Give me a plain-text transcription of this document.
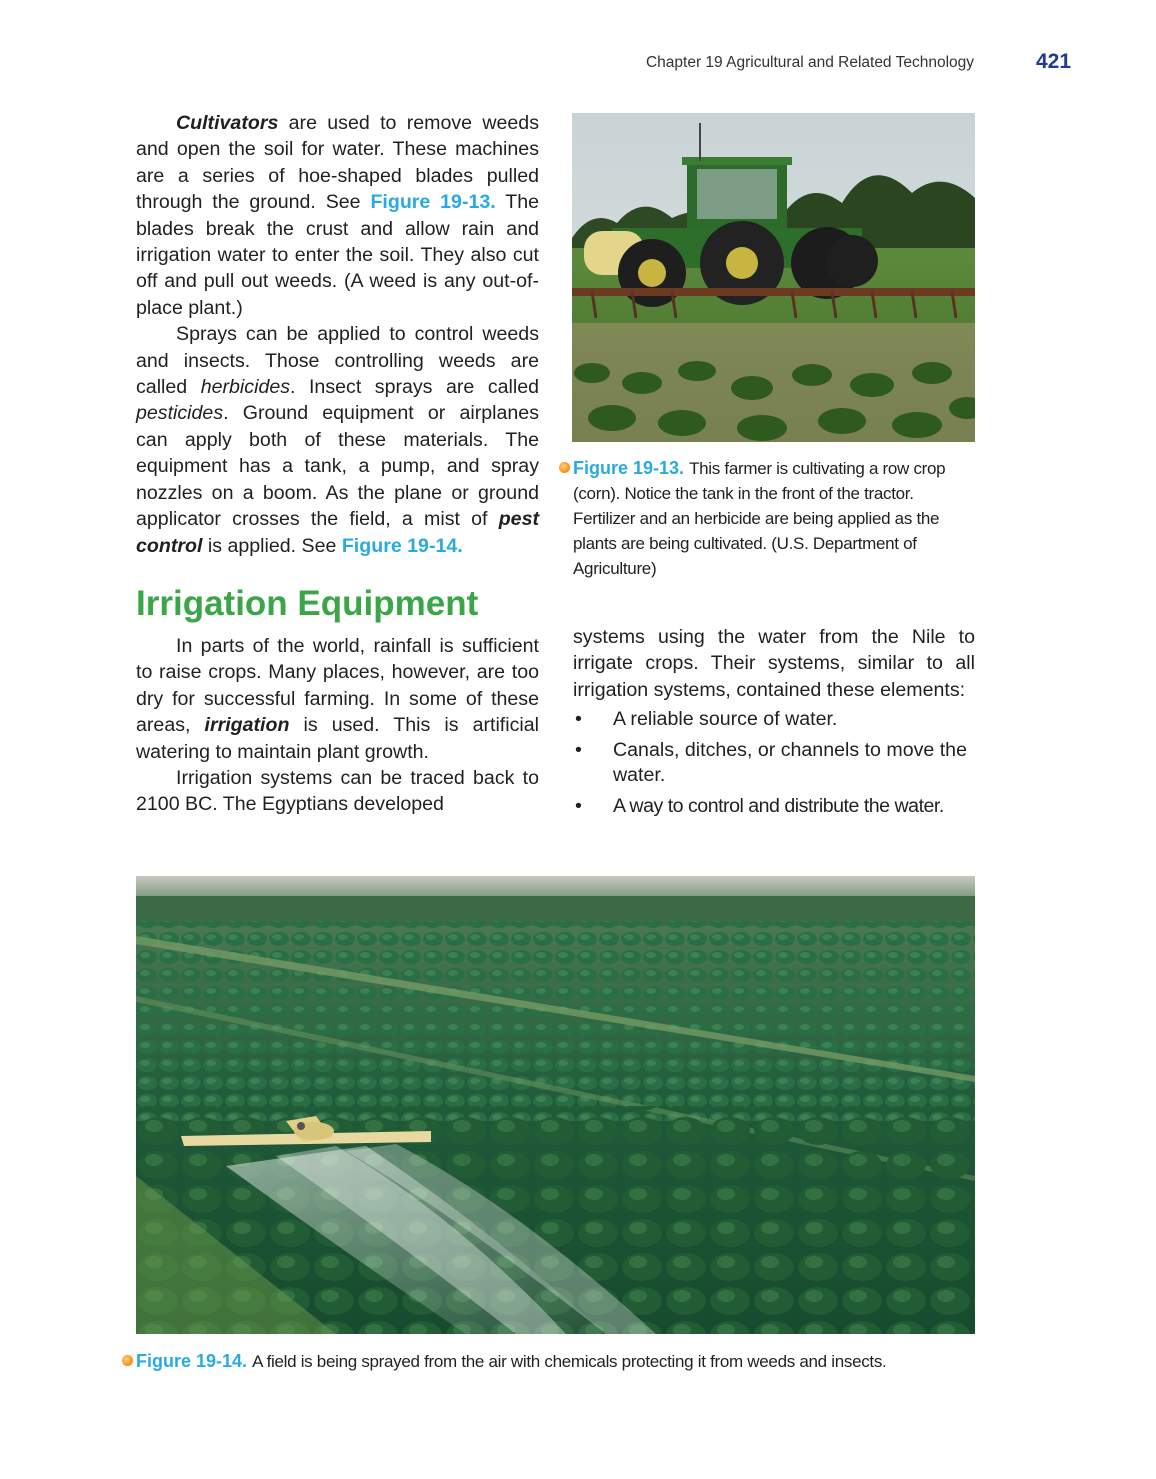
Chapter 19 Agricultural and Related Technology	421

Cultivators are used to remove weeds and open the soil for water. These machines are a series of hoe-shaped blades pulled through the ground. See Figure 19-13. The blades break the crust and allow rain and irrigation water to enter the soil. They also cut off and pull out weeds. (A weed is any out-of-place plant.)

Sprays can be applied to control weeds and insects. Those controlling weeds are called herbicides. Insect sprays are called pesticides. Ground equipment or airplanes can apply both of these materials. The equipment has a tank, a pump, and spray nozzles on a boom. As the plane or ground applicator crosses the field, a mist of pest control is applied. See Figure 19-14.

Irrigation Equipment

In parts of the world, rainfall is sufficient to raise crops. Many places, however, are too dry for successful farming. In some of these areas, irrigation is used. This is artificial watering to maintain plant growth.

Irrigation systems can be traced back to 2100 BC. The Egyptians developed

systems using the water from the Nile to irrigate crops. Their systems, similar to all irrigation systems, contained these elements:

• A reliable source of water.
• Canals, ditches, or channels to move the water.
• A way to control and distribute the water.
Figure 19-13. This farmer is cultivating a row crop (corn). Notice the tank in the front of the tractor. Fertilizer and an herbicide are being applied as the plants are being cultivated. (U.S. Department of Agriculture)
Figure 19-14. A field is being sprayed from the air with chemicals protecting it from weeds and insects.
